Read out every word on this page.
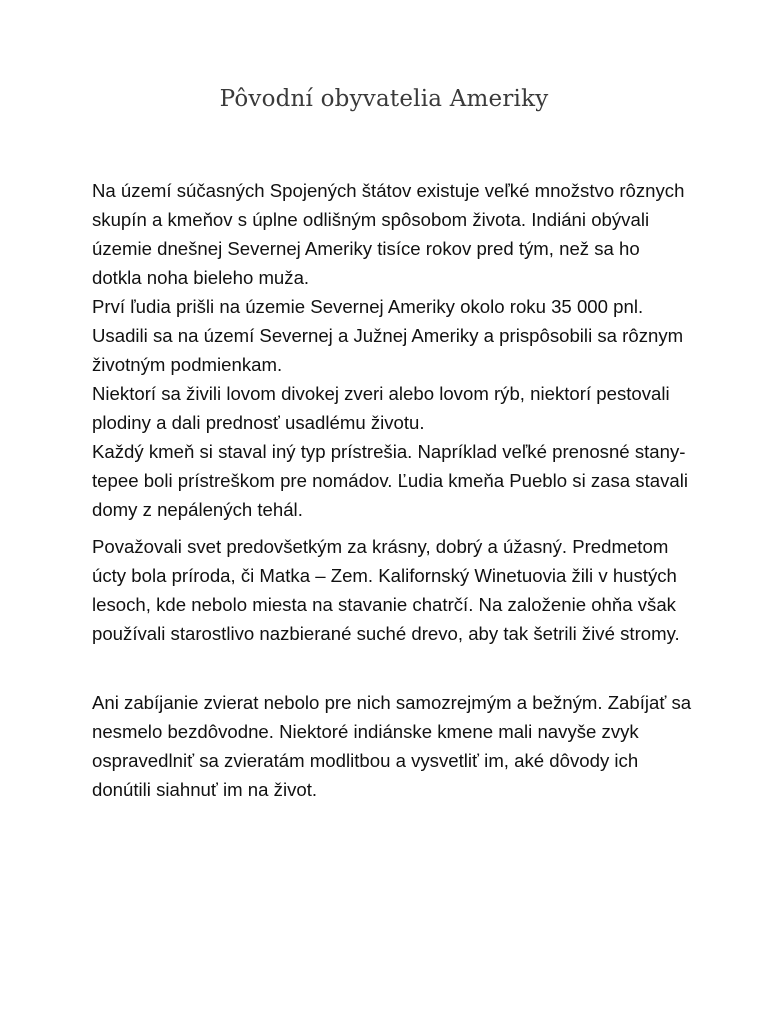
Pôvodní obyvatelia Ameriky

Na území súčasných Spojených štátov existuje veľké množstvo rôznych skupín a kmeňov s úplne odlišným spôsobom života. Indiáni obývali územie dnešnej Severnej Ameriky tisíce rokov pred tým, než sa ho dotkla noha bieleho muža.

Prví ľudia prišli na územie Severnej Ameriky okolo roku 35 000 pnl. Usadili sa na území Severnej a Južnej Ameriky a prispôsobili sa rôznym životným podmienkam.

Niektorí sa živili lovom divokej zveri alebo lovom rýb, niektorí pestovali plodiny a dali prednosť usadlému životu.

Každý kmeň si staval iný typ prístrešia. Napríklad veľké prenosné stany- tepee boli prístreškom pre nomádov. Ľudia kmeňa Pueblo si zasa stavali domy z nepálených tehál.

Považovali svet predovšetkým za krásny, dobrý a úžasný. Predmetom úcty bola príroda, či Matka – Zem. Kalifornský Winetuovia žili v hustých lesoch, kde nebolo miesta na stavanie chatrčí. Na založenie ohňa však používali starostlivo nazbierané suché drevo, aby tak šetrili živé stromy.

Ani zabíjanie zvierat nebolo pre nich samozrejmým a bežným. Zabíjať sa nesmelo bezdôvodne. Niektoré indiánske kmene mali navyše zvyk ospravedlniť sa zvieratám modlitbou a vysvetliť im, aké dôvody ich donútili siahnuť im na život.
